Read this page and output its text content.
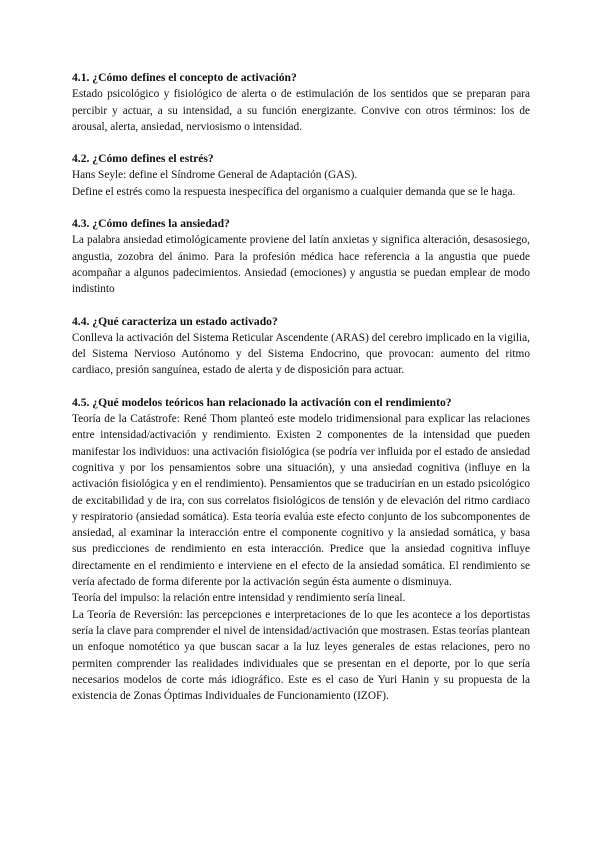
4.1. ¿Cómo defines el concepto de activación?

Estado psicológico y fisiológico de alerta o de estimulación de los sentidos que se preparan para percibir y actuar, a su intensidad, a su función energizante. Convive con otros términos: los de arousal, alerta, ansiedad, nerviosismo o intensidad.

4.2. ¿Cómo defines el estrés?

Hans Seyle: define el Síndrome General de Adaptación (GAS).

Define el estrés como la respuesta inespecífica del organismo a cualquier demanda que se le haga.

4.3. ¿Cómo defines la ansiedad?

La palabra ansiedad etimológicamente proviene del latín anxietas y significa alteración, desasosiego, angustia, zozobra del ánimo. Para la profesión médica hace referencia a la angustia que puede acompañar a algunos padecimientos. Ansiedad (emociones) y angustia se puedan emplear de modo indistinto

4.4. ¿Qué caracteriza un estado activado?

Conlleva la activación del Sistema Reticular Ascendente (ARAS) del cerebro implicado en la vigilia, del Sistema Nervioso Autónomo y del Sistema Endocrino, que provocan: aumento del ritmo cardiaco, presión sanguínea, estado de alerta y de disposición para actuar.

4.5. ¿Qué modelos teóricos han relacionado la activación con el rendimiento?

Teoría de la Catástrofe: René Thom planteó este modelo tridimensional para explicar las relaciones entre intensidad/activación y rendimiento. Existen 2 componentes de la intensidad que pueden manifestar los individuos: una activación fisiológica (se podría ver influida por el estado de ansiedad cognitiva y por los pensamientos sobre una situación), y una ansiedad cognitiva (influye en la activación fisiológica y en el rendimiento). Pensamientos que se traducirían en un estado psicológico de excitabilidad y de ira, con sus correlatos fisiológicos de tensión y de elevación del ritmo cardiaco y respiratorio (ansiedad somática). Esta teoría evalúa este efecto conjunto de los subcomponentes de ansiedad, al examinar la interacción entre el componente cognitivo y la ansiedad somática, y basa sus predicciones de rendimiento en esta interacción. Predice que la ansiedad cognitiva influye directamente en el rendimiento e interviene en el efecto de la ansiedad somática. El rendimiento se vería afectado de forma diferente por la activación según ésta aumente o disminuya.

Teoría del impulso: la relación entre intensidad y rendimiento sería lineal.

La Teoría de Reversión: las percepciones e interpretaciones de lo que les acontece a los deportistas sería la clave para comprender el nivel de intensidad/activación que mostrasen. Estas teorías plantean un enfoque nomotético ya que buscan sacar a la luz leyes generales de estas relaciones, pero no permiten comprender las realidades individuales que se presentan en el deporte, por lo que sería necesarios modelos de corte más idiográfico. Este es el caso de Yuri Hanin y su propuesta de la existencia de Zonas Óptimas Individuales de Funcionamiento (IZOF).
